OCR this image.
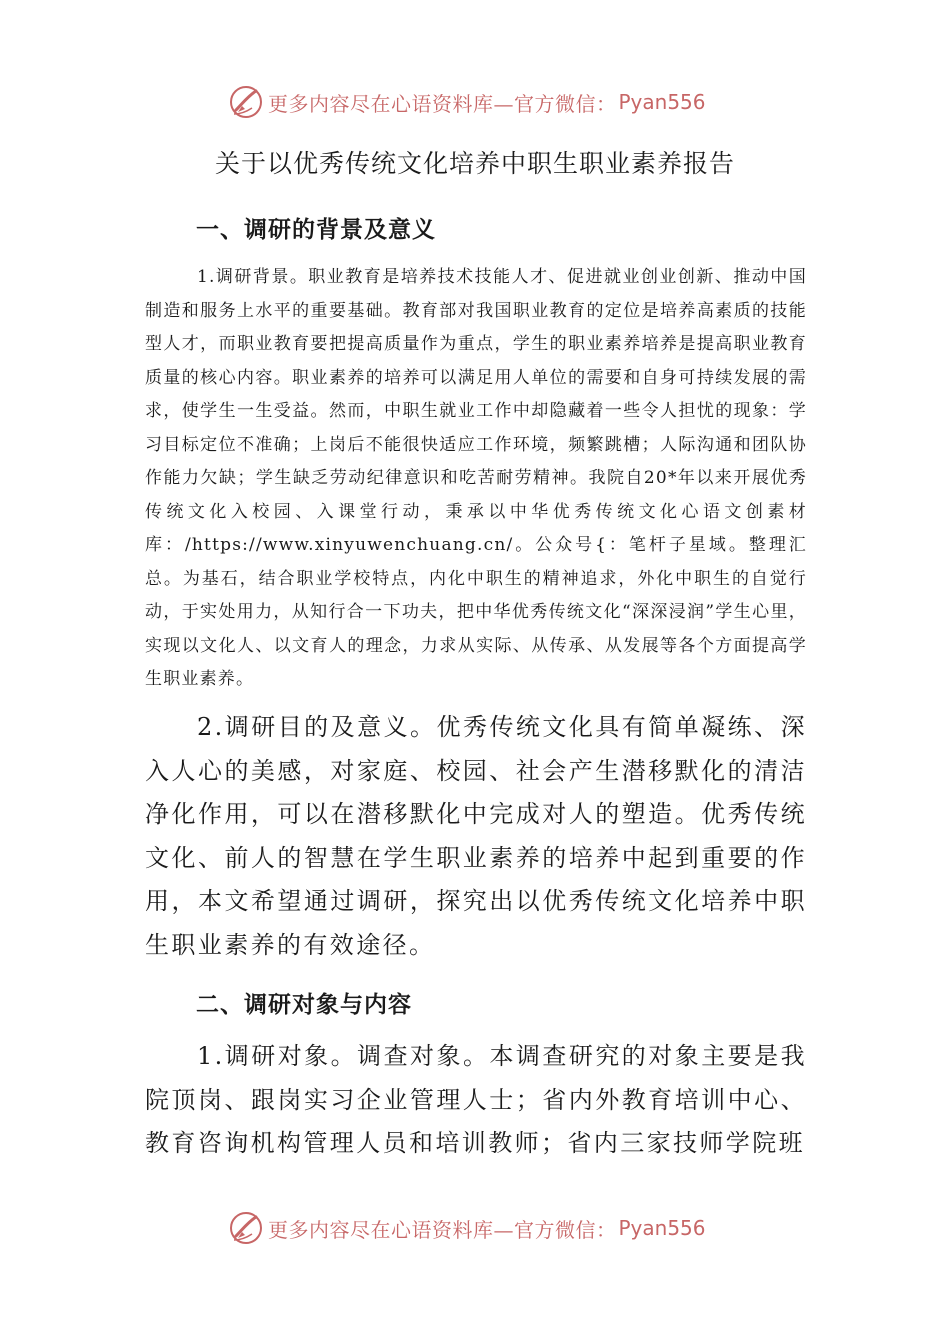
更多内容尽在心语资料库—官方微信： Pyan556
关于以优秀传统文化培养中职生职业素养报告
一、调研的背景及意义
1.调研背景。职业教育是培养技术技能人才、促进就业创业创新、推动中国制造和服务上水平的重要基础。教育部对我国职业教育的定位是培养高素质的技能型人才，而职业教育要把提高质量作为重点，学生的职业素养培养是提高职业教育质量的核心内容。职业素养的培养可以满足用人单位的需要和自身可持续发展的需求，使学生一生受益。然而，中职生就业工作中却隐藏着一些令人担忧的现象：学习目标定位不准确；上岗后不能很快适应工作环境，频繁跳槽；人际沟通和团队协作能力欠缺；学生缺乏劳动纪律意识和吃苦耐劳精神。我院自20*年以来开展优秀传统文化入校园、入课堂行动，秉承以中华优秀传统文化心语文创素材库：/https://www.xinyuwenchuang.cn/。公众号{：笔杆子星域。整理汇总。为基石，结合职业学校特点，内化中职生的精神追求，外化中职生的自觉行动，于实处用力，从知行合一下功夫，把中华优秀传统文化“深深浸润”学生心里，实现以文化人、以文育人的理念，力求从实际、从传承、从发展等各个方面提高学生职业素养。
2.调研目的及意义。优秀传统文化具有简单凝练、深入人心的美感，对家庭、校园、社会产生潜移默化的清洁净化作用，可以在潜移默化中完成对人的塑造。优秀传统文化、前人的智慧在学生职业素养的培养中起到重要的作用，本文希望通过调研，探究出以优秀传统文化培养中职生职业素养的有效途径。
二、调研对象与内容
1.调研对象。调查对象。本调查研究的对象主要是我院顶岗、跟岗实习企业管理人士；省内外教育培训中心、教育咨询机构管理人员和培训教师；省内三家技师学院班
更多内容尽在心语资料库—官方微信： Pyan556
